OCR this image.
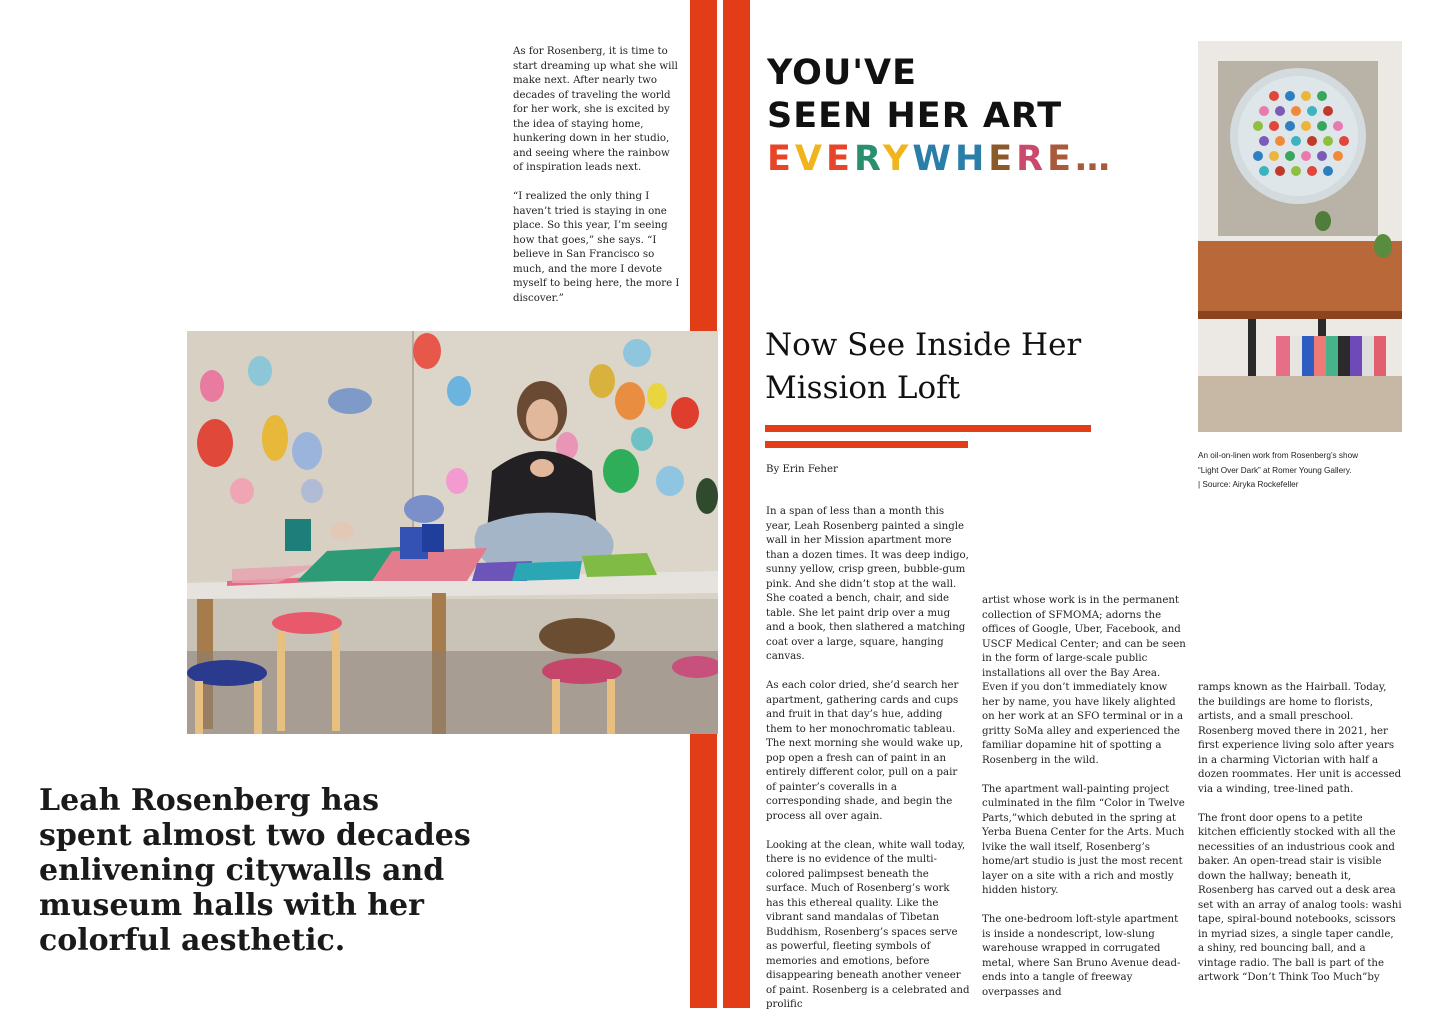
As for Rosenberg, it is time to start dreaming up what she will make next. After nearly two decades of traveling the world for her work, she is excited by the idea of staying home, hunkering down in her studio, and seeing where the rainbow of inspiration leads next.

“I realized the only thing I haven’t tried is staying in one place. So this year, I’m seeing how that goes,” she says. “I believe in San Francisco so much, and the more I devote myself to being here, the more I discover.”

Leah Rosenberg has spent almost two decades enlivening citywalls and museum halls with her colorful aesthetic.
YOU'VE
SEEN HER ART
EVERYWHERE…
Now See Inside Her Mission Loft
By Erin Feher
An oil-on-linen work from Rosenberg’s show
“Light Over Dark” at Romer Young Gallery.
| Source: Airyka Rockefeller

In a span of less than a month this year, Leah Rosenberg painted a single wall in her Mission apartment more than a dozen times. It was deep indigo, sunny yellow, crisp green, bubble-gum pink. And she didn’t stop at the wall. She coated a bench, chair, and side table. She let paint drip over a mug and a book, then slathered a matching coat over a large, square, hanging canvas.

As each color dried, she’d search her apartment, gathering cards and cups and fruit in that day’s hue, adding them to her monochromatic tableau. The next morning she would wake up, pop open a fresh can of paint in an entirely different color, pull on a pair of painter’s coveralls in a corresponding shade, and begin the process all over again.

Looking at the clean, white wall today, there is no evidence of the multi-colored palimpsest beneath the surface. Much of Rosenberg’s work has this ethereal quality. Like the vibrant sand mandalas of Tibetan Buddhism, Rosenberg’s spaces serve as powerful, fleeting symbols of memories and emotions, before disappearing beneath another veneer of paint. Rosenberg is a celebrated and prolific

artist whose work is in the permanent collection of SFMOMA; adorns the offices of Google, Uber, Facebook, and USCF Medical Center; and can be seen in the form of large-scale public installations all over the Bay Area. Even if you don’t immediately know her by name, you have likely alighted on her work at an SFO terminal or in a gritty SoMa alley and experienced the familiar dopamine hit of spotting a Rosenberg in the wild.

The apartment wall-painting project culminated in the film “Color in Twelve Parts,”which debuted in the spring at Yerba Buena Center for the Arts. Much lvike the wall itself, Rosenberg’s home/art studio is just the most recent layer on a site with a rich and mostly hidden history.

The one-bedroom loft-style apartment is inside a nondescript, low-slung warehouse wrapped in corrugated metal, where San Bruno Avenue dead-ends into a tangle of freeway overpasses and

ramps known as the Hairball. Today, the buildings are home to florists, artists, and a small preschool. Rosenberg moved there in 2021, her first experience living solo after years in a charming Victorian with half a dozen roommates. Her unit is accessed via a winding, tree-lined path.

The front door opens to a petite kitchen efficiently stocked with all the necessities of an industrious cook and baker. An open-tread stair is visible down the hallway; beneath it, Rosenberg has carved out a desk area set with an array of analog tools: washi tape, spiral-bound notebooks, scissors in myriad sizes, a single taper candle, a shiny, red bouncing ball, and a vintage radio. The ball is part of the artwork “Don’t Think Too Much”by
